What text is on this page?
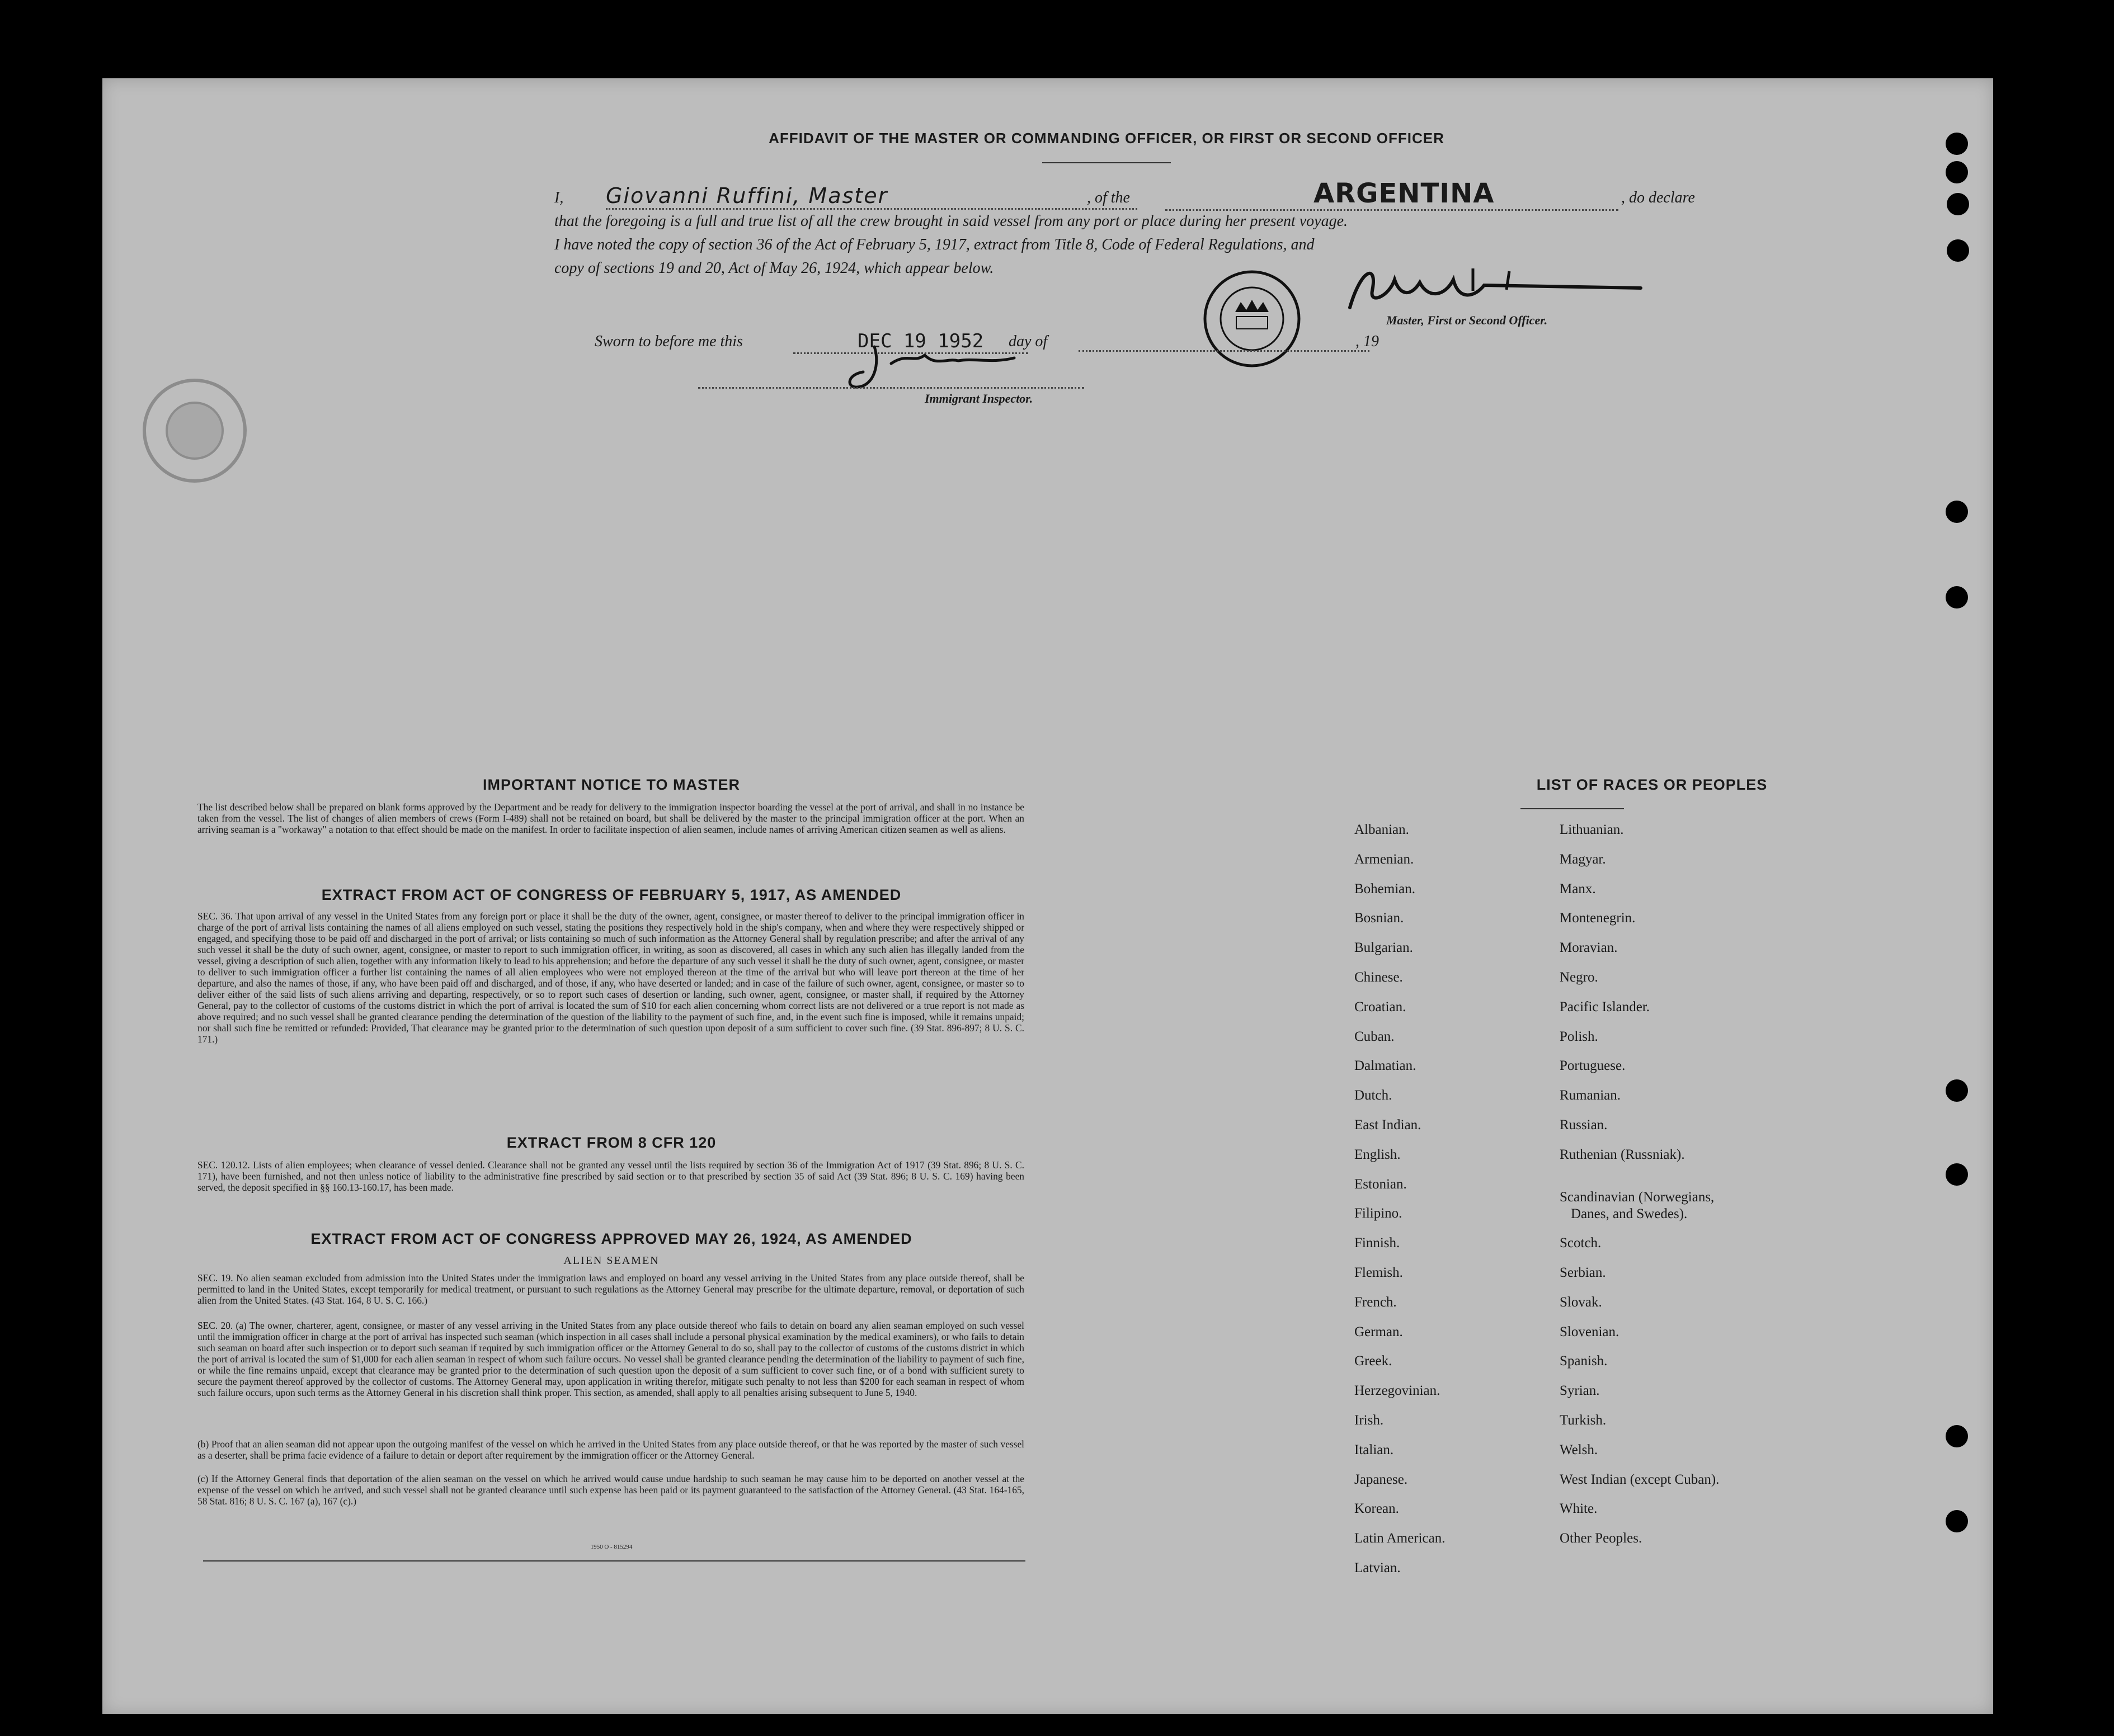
AFFIDAVIT OF THE MASTER OR COMMANDING OFFICER, OR FIRST OR SECOND OFFICER
I, Giovanni Ruffini, Master	, of the	ARGENTINA	, do declare
that the foregoing is a full and true list of all the crew brought in said vessel from any port or place during her present voyage.
I have noted the copy of section 36 of the Act of February 5, 1917, extract from Title 8, Code of Federal Regulations, and
copy of sections 19 and 20, Act of May 26, 1924, which appear below.
Master, First or Second Officer.
Sworn to before me this	DEC 19 1952	day of	, 19
Immigrant Inspector.
IMPORTANT NOTICE TO MASTER
The list described below shall be prepared on blank forms approved by the Department and be ready for delivery to the immigration inspector boarding the vessel at the port of arrival, and shall in no instance be taken from the vessel. The list of changes of alien members of crews (Form I-489) shall not be retained on board, but shall be delivered by the master to the principal immigration officer at the port. When an arriving seaman is a "workaway" a notation to that effect should be made on the manifest. In order to facilitate inspection of alien seamen, include names of arriving American citizen seamen as well as aliens.
EXTRACT FROM ACT OF CONGRESS OF FEBRUARY 5, 1917, AS AMENDED
SEC. 36. That upon arrival of any vessel in the United States from any foreign port or place it shall be the duty of the owner, agent, consignee, or master thereof to deliver to the principal immigration officer in charge of the port of arrival lists containing the names of all aliens employed on such vessel, stating the positions they respectively hold in the ship's company, when and where they were respectively shipped or engaged, and specifying those to be paid off and discharged in the port of arrival; or lists containing so much of such information as the Attorney General shall by regulation prescribe; and after the arrival of any such vessel it shall be the duty of such owner, agent, consignee, or master to report to such immigration officer, in writing, as soon as discovered, all cases in which any such alien has illegally landed from the vessel, giving a description of such alien, together with any information likely to lead to his apprehension; and before the departure of any such vessel it shall be the duty of such owner, agent, consignee, or master to deliver to such immigration officer a further list containing the names of all alien employees who were not employed thereon at the time of the arrival but who will leave port thereon at the time of her departure, and also the names of those, if any, who have been paid off and discharged, and of those, if any, who have deserted or landed; and in case of the failure of such owner, agent, consignee, or master so to deliver either of the said lists of such aliens arriving and departing, respectively, or so to report such cases of desertion or landing, such owner, agent, consignee, or master shall, if required by the Attorney General, pay to the collector of customs of the customs district in which the port of arrival is located the sum of $10 for each alien concerning whom correct lists are not delivered or a true report is not made as above required; and no such vessel shall be granted clearance pending the determination of the question of the liability to the payment of such fine, and, in the event such fine is imposed, while it remains unpaid; nor shall such fine be remitted or refunded: Provided, That clearance may be granted prior to the determination of such question upon deposit of a sum sufficient to cover such fine. (39 Stat. 896-897; 8 U. S. C. 171.)
EXTRACT FROM 8 CFR 120
SEC. 120.12. Lists of alien employees; when clearance of vessel denied. Clearance shall not be granted any vessel until the lists required by section 36 of the Immigration Act of 1917 (39 Stat. 896; 8 U. S. C. 171), have been furnished, and not then unless notice of liability to the administrative fine prescribed by said section or to that prescribed by section 35 of said Act (39 Stat. 896; 8 U. S. C. 169) having been served, the deposit specified in §§ 160.13-160.17, has been made.
EXTRACT FROM ACT OF CONGRESS APPROVED MAY 26, 1924, AS AMENDED
ALIEN SEAMEN
SEC. 19. No alien seaman excluded from admission into the United States under the immigration laws and employed on board any vessel arriving in the United States from any place outside thereof, shall be permitted to land in the United States, except temporarily for medical treatment, or pursuant to such regulations as the Attorney General may prescribe for the ultimate departure, removal, or deportation of such alien from the United States. (43 Stat. 164, 8 U. S. C. 166.)
SEC. 20. (a) The owner, charterer, agent, consignee, or master of any vessel arriving in the United States from any place outside thereof who fails to detain on board any alien seaman employed on such vessel until the immigration officer in charge at the port of arrival has inspected such seaman (which inspection in all cases shall include a personal physical examination by the medical examiners), or who fails to detain such seaman on board after such inspection or to deport such seaman if required by such immigration officer or the Attorney General to do so, shall pay to the collector of customs of the customs district in which the port of arrival is located the sum of $1,000 for each alien seaman in respect of whom such failure occurs. No vessel shall be granted clearance pending the determination of the liability to payment of such fine, or while the fine remains unpaid, except that clearance may be granted prior to the determination of such question upon the deposit of a sum sufficient to cover such fine, or of a bond with sufficient surety to secure the payment thereof approved by the collector of customs. The Attorney General may, upon application in writing therefor, mitigate such penalty to not less than $200 for each seaman in respect of whom such failure occurs, upon such terms as the Attorney General in his discretion shall think proper. This section, as amended, shall apply to all penalties arising subsequent to June 5, 1940.
(b) Proof that an alien seaman did not appear upon the outgoing manifest of the vessel on which he arrived in the United States from any place outside thereof, or that he was reported by the master of such vessel as a deserter, shall be prima facie evidence of a failure to detain or deport after requirement by the immigration officer or the Attorney General.
(c) If the Attorney General finds that deportation of the alien seaman on the vessel on which he arrived would cause undue hardship to such seaman he may cause him to be deported on another vessel at the expense of the vessel on which he arrived, and such vessel shall not be granted clearance until such expense has been paid or its payment guaranteed to the satisfaction of the Attorney General. (43 Stat. 164-165, 58 Stat. 816; 8 U. S. C. 167 (a), 167 (c).)
1950 O - 815294
LIST OF RACES OR PEOPLES
Albanian.
Armenian.
Bohemian.
Bosnian.
Bulgarian.
Chinese.
Croatian.
Cuban.
Dalmatian.
Dutch.
East Indian.
English.
Estonian.
Filipino.
Finnish.
Flemish.
French.
German.
Greek.
Herzegovinian.
Irish.
Italian.
Japanese.
Korean.
Latin American.
Latvian.
Lithuanian.
Magyar.
Manx.
Montenegrin.
Moravian.
Negro.
Pacific Islander.
Polish.
Portuguese.
Rumanian.
Russian.
Ruthenian (Russniak).
Scandinavian (Norwegians,
Danes, and Swedes).
Scotch.
Serbian.
Slovak.
Slovenian.
Spanish.
Syrian.
Turkish.
Welsh.
West Indian (except Cuban).
White.
Other Peoples.
